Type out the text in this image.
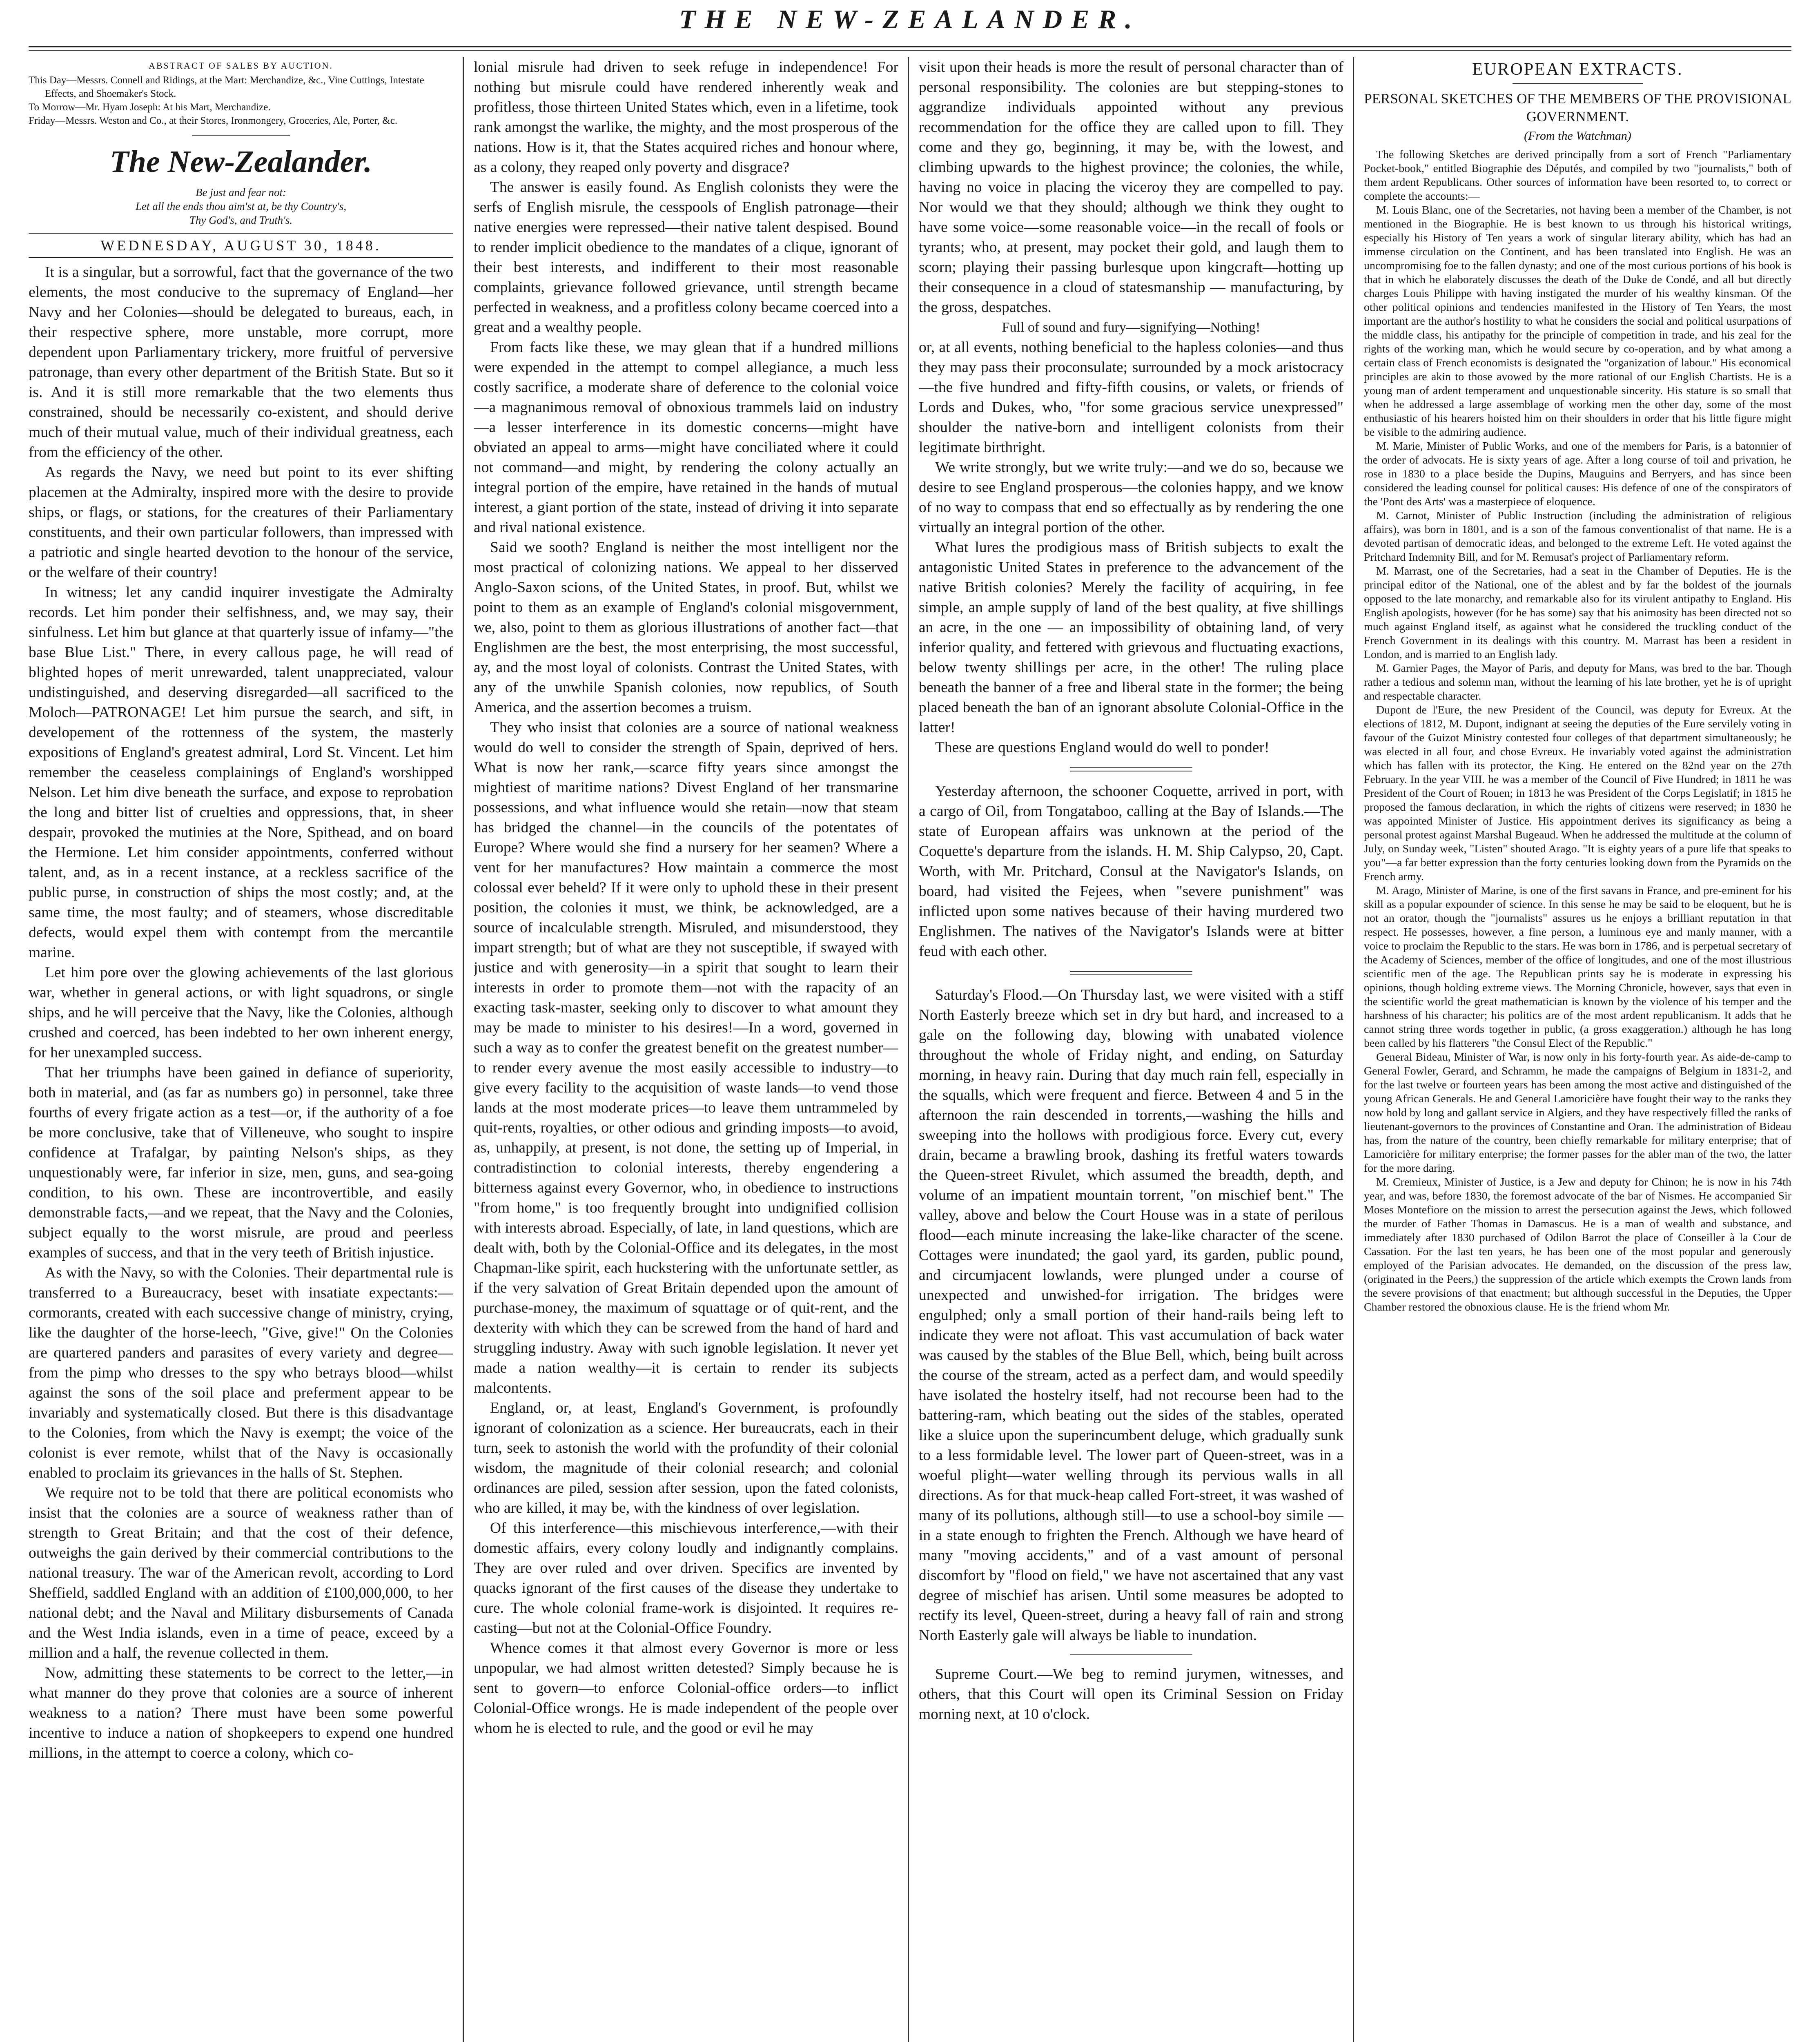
THE NEW-ZEALANDER.
ABSTRACT OF SALES BY AUCTION.

This Day—Messrs. Connell and Ridings, at the Mart: Merchandize, &c., Vine Cuttings, Intestate Effects, and Shoemaker's Stock.

To Morrow—Mr. Hyam Joseph: At his Mart, Merchandize.

Friday—Messrs. Weston and Co., at their Stores, Ironmongery, Groceries, Ale, Porter, &c.

The New-Zealander.

Be just and fear not:

Let all the ends thou aim'st at, be thy Country's,

Thy God's, and Truth's.

WEDNESDAY, AUGUST 30, 1848.

It is a singular, but a sorrowful, fact that the governance of the two elements, the most conducive to the supremacy of England—her Navy and her Colonies—should be delegated to bureaus, each, in their respective sphere, more unstable, more corrupt, more dependent upon Parliamentary trickery, more fruitful of perversive patronage, than every other department of the British State. But so it is. And it is still more remarkable that the two elements thus constrained, should be necessarily co-existent, and should derive much of their mutual value, much of their individual greatness, each from the efficiency of the other.

As regards the Navy, we need but point to its ever shifting placemen at the Admiralty, inspired more with the desire to provide ships, or flags, or stations, for the creatures of their Parliamentary constituents, and their own particular followers, than impressed with a patriotic and single hearted devotion to the honour of the service, or the welfare of their country!

In witness; let any candid inquirer investigate the Admiralty records. Let him ponder their selfishness, and, we may say, their sinfulness. Let him but glance at that quarterly issue of infamy—"the base Blue List." There, in every callous page, he will read of blighted hopes of merit unrewarded, talent unappreciated, valour undistinguished, and deserving disregarded—all sacrificed to the Moloch—PATRONAGE! Let him pursue the search, and sift, in developement of the rottenness of the system, the masterly expositions of England's greatest admiral, Lord St. Vincent. Let him remember the ceaseless complainings of England's worshipped Nelson. Let him dive beneath the surface, and expose to reprobation the long and bitter list of cruelties and oppressions, that, in sheer despair, provoked the mutinies at the Nore, Spithead, and on board the Hermione. Let him consider appointments, conferred without talent, and, as in a recent instance, at a reckless sacrifice of the public purse, in construction of ships the most costly; and, at the same time, the most faulty; and of steamers, whose discreditable defects, would expel them with contempt from the mercantile marine.

Let him pore over the glowing achievements of the last glorious war, whether in general actions, or with light squadrons, or single ships, and he will perceive that the Navy, like the Colonies, although crushed and coerced, has been indebted to her own inherent energy, for her unexampled success.

That her triumphs have been gained in defiance of superiority, both in material, and (as far as numbers go) in personnel, take three fourths of every frigate action as a test—or, if the authority of a foe be more conclusive, take that of Villeneuve, who sought to inspire confidence at Trafalgar, by painting Nelson's ships, as they unquestionably were, far inferior in size, men, guns, and sea-going condition, to his own. These are incontrovertible, and easily demonstrable facts,—and we repeat, that the Navy and the Colonies, subject equally to the worst misrule, are proud and peerless examples of success, and that in the very teeth of British injustice.

As with the Navy, so with the Colonies. Their departmental rule is transferred to a Bureaucracy, beset with insatiate expectants:—cormorants, created with each successive change of ministry, crying, like the daughter of the horse-leech, "Give, give!" On the Colonies are quartered panders and parasites of every variety and degree—from the pimp who dresses to the spy who betrays blood—whilst against the sons of the soil place and preferment appear to be invariably and systematically closed. But there is this disadvantage to the Colonies, from which the Navy is exempt; the voice of the colonist is ever remote, whilst that of the Navy is occasionally enabled to proclaim its grievances in the halls of St. Stephen.

We require not to be told that there are political economists who insist that the colonies are a source of weakness rather than of strength to Great Britain; and that the cost of their defence, outweighs the gain derived by their commercial contributions to the national treasury. The war of the American revolt, according to Lord Sheffield, saddled England with an addition of £100,000,000, to her national debt; and the Naval and Military disbursements of Canada and the West India islands, even in a time of peace, exceed by a million and a half, the revenue collected in them.

Now, admitting these statements to be correct to the letter,—in what manner do they prove that colonies are a source of inherent weakness to a nation? There must have been some powerful incentive to induce a nation of shopkeepers to expend one hundred millions, in the attempt to coerce a colony, which co-

lonial misrule had driven to seek refuge in independence! For nothing but misrule could have rendered inherently weak and profitless, those thirteen United States which, even in a lifetime, took rank amongst the warlike, the mighty, and the most prosperous of the nations. How is it, that the States acquired riches and honour where, as a colony, they reaped only poverty and disgrace?

The answer is easily found. As English colonists they were the serfs of English misrule, the cesspools of English patronage—their native energies were repressed—their native talent despised. Bound to render implicit obedience to the mandates of a clique, ignorant of their best interests, and indifferent to their most reasonable complaints, grievance followed grievance, until strength became perfected in weakness, and a profitless colony became coerced into a great and a wealthy people.

From facts like these, we may glean that if a hundred millions were expended in the attempt to compel allegiance, a much less costly sacrifice, a moderate share of deference to the colonial voice—a magnanimous removal of obnoxious trammels laid on industry—a lesser interference in its domestic concerns—might have obviated an appeal to arms—might have conciliated where it could not command—and might, by rendering the colony actually an integral portion of the empire, have retained in the hands of mutual interest, a giant portion of the state, instead of driving it into separate and rival national existence.

Said we sooth? England is neither the most intelligent nor the most practical of colonizing nations. We appeal to her disserved Anglo-Saxon scions, of the United States, in proof. But, whilst we point to them as an example of England's colonial misgovernment, we, also, point to them as glorious illustrations of another fact—that Englishmen are the best, the most enterprising, the most successful, ay, and the most loyal of colonists. Contrast the United States, with any of the unwhile Spanish colonies, now republics, of South America, and the assertion becomes a truism.

They who insist that colonies are a source of national weakness would do well to consider the strength of Spain, deprived of hers. What is now her rank,—scarce fifty years since amongst the mightiest of maritime nations? Divest England of her transmarine possessions, and what influence would she retain—now that steam has bridged the channel—in the councils of the potentates of Europe? Where would she find a nursery for her seamen? Where a vent for her manufactures? How maintain a commerce the most colossal ever beheld? If it were only to uphold these in their present position, the colonies it must, we think, be acknowledged, are a source of incalculable strength. Misruled, and misunderstood, they impart strength; but of what are they not susceptible, if swayed with justice and with generosity—in a spirit that sought to learn their interests in order to promote them—not with the rapacity of an exacting task-master, seeking only to discover to what amount they may be made to minister to his desires!—In a word, governed in such a way as to confer the greatest benefit on the greatest number—to render every avenue the most easily accessible to industry—to give every facility to the acquisition of waste lands—to vend those lands at the most moderate prices—to leave them untrammeled by quit-rents, royalties, or other odious and grinding imposts—to avoid, as, unhappily, at present, is not done, the setting up of Imperial, in contradistinction to colonial interests, thereby engendering a bitterness against every Governor, who, in obedience to instructions "from home," is too frequently brought into undignified collision with interests abroad. Especially, of late, in land questions, which are dealt with, both by the Colonial-Office and its delegates, in the most Chapman-like spirit, each huckstering with the unfortunate settler, as if the very salvation of Great Britain depended upon the amount of purchase-money, the maximum of squattage or of quit-rent, and the dexterity with which they can be screwed from the hand of hard and struggling industry. Away with such ignoble legislation. It never yet made a nation wealthy—it is certain to render its subjects malcontents.

England, or, at least, England's Government, is profoundly ignorant of colonization as a science. Her bureaucrats, each in their turn, seek to astonish the world with the profundity of their colonial wisdom, the magnitude of their colonial research; and colonial ordinances are piled, session after session, upon the fated colonists, who are killed, it may be, with the kindness of over legislation.

Of this interference—this mischievous interference,—with their domestic affairs, every colony loudly and indignantly complains. They are over ruled and over driven. Specifics are invented by quacks ignorant of the first causes of the disease they undertake to cure. The whole colonial frame-work is disjointed. It requires re-casting—but not at the Colonial-Office Foundry.

Whence comes it that almost every Governor is more or less unpopular, we had almost written detested? Simply because he is sent to govern—to enforce Colonial-office orders—to inflict Colonial-Office wrongs. He is made independent of the people over whom he is elected to rule, and the good or evil he may

visit upon their heads is more the result of personal character than of personal responsibility. The colonies are but stepping-stones to aggrandize individuals appointed without any previous recommendation for the office they are called upon to fill. They come and they go, beginning, it may be, with the lowest, and climbing upwards to the highest province; the colonies, the while, having no voice in placing the viceroy they are compelled to pay. Nor would we that they should; although we think they ought to have some voice—some reasonable voice—in the recall of fools or tyrants; who, at present, may pocket their gold, and laugh them to scorn; playing their passing burlesque upon kingcraft—hotting up their consequence in a cloud of statesmanship — manufacturing, by the gross, despatches.

Full of sound and fury—signifying—Nothing!

or, at all events, nothing beneficial to the hapless colonies—and thus they may pass their proconsulate; surrounded by a mock aristocracy—the five hundred and fifty-fifth cousins, or valets, or friends of Lords and Dukes, who, "for some gracious service unexpressed" shoulder the native-born and intelligent colonists from their legitimate birthright.

We write strongly, but we write truly:—and we do so, because we desire to see England prosperous—the colonies happy, and we know of no way to compass that end so effectually as by rendering the one virtually an integral portion of the other.

What lures the prodigious mass of British subjects to exalt the antagonistic United States in preference to the advancement of the native British colonies? Merely the facility of acquiring, in fee simple, an ample supply of land of the best quality, at five shillings an acre, in the one — an impossibility of obtaining land, of very inferior quality, and fettered with grievous and fluctuating exactions, below twenty shillings per acre, in the other! The ruling place beneath the banner of a free and liberal state in the former; the being placed beneath the ban of an ignorant absolute Colonial-Office in the latter!

These are questions England would do well to ponder!

Yesterday afternoon, the schooner Coquette, arrived in port, with a cargo of Oil, from Tongataboo, calling at the Bay of Islands.—The state of European affairs was unknown at the period of the Coquette's departure from the islands. H. M. Ship Calypso, 20, Capt. Worth, with Mr. Pritchard, Consul at the Navigator's Islands, on board, had visited the Fejees, when "severe punishment" was inflicted upon some natives because of their having murdered two Englishmen. The natives of the Navigator's Islands were at bitter feud with each other.

Saturday's Flood.—On Thursday last, we were visited with a stiff North Easterly breeze which set in dry but hard, and increased to a gale on the following day, blowing with unabated violence throughout the whole of Friday night, and ending, on Saturday morning, in heavy rain. During that day much rain fell, especially in the squalls, which were frequent and fierce. Between 4 and 5 in the afternoon the rain descended in torrents,—washing the hills and sweeping into the hollows with prodigious force. Every cut, every drain, became a brawling brook, dashing its fretful waters towards the Queen-street Rivulet, which assumed the breadth, depth, and volume of an impatient mountain torrent, "on mischief bent." The valley, above and below the Court House was in a state of perilous flood—each minute increasing the lake-like character of the scene. Cottages were inundated; the gaol yard, its garden, public pound, and circumjacent lowlands, were plunged under a course of unexpected and unwished-for irrigation. The bridges were engulphed; only a small portion of their hand-rails being left to indicate they were not afloat. This vast accumulation of back water was caused by the stables of the Blue Bell, which, being built across the course of the stream, acted as a perfect dam, and would speedily have isolated the hostelry itself, had not recourse been had to the battering-ram, which beating out the sides of the stables, operated like a sluice upon the superincumbent deluge, which gradually sunk to a less formidable level. The lower part of Queen-street, was in a woeful plight—water welling through its pervious walls in all directions. As for that muck-heap called Fort-street, it was washed of many of its pollutions, although still—to use a school-boy simile — in a state enough to frighten the French. Although we have heard of many "moving accidents," and of a vast amount of personal discomfort by "flood on field," we have not ascertained that any vast degree of mischief has arisen. Until some measures be adopted to rectify its level, Queen-street, during a heavy fall of rain and strong North Easterly gale will always be liable to inundation.

Supreme Court.—We beg to remind jurymen, witnesses, and others, that this Court will open its Criminal Session on Friday morning next, at 10 o'clock.

EUROPEAN EXTRACTS.
PERSONAL SKETCHES OF THE MEMBERS OF THE PROVISIONAL GOVERNMENT.
(From the Watchman)

The following Sketches are derived principally from a sort of French "Parliamentary Pocket-book," entitled Biographie des Députés, and compiled by two "journalists," both of them ardent Republicans. Other sources of information have been resorted to, to correct or complete the accounts:—

M. Louis Blanc, one of the Secretaries, not having been a member of the Chamber, is not mentioned in the Biographie. He is best known to us through his historical writings, especially his History of Ten years a work of singular literary ability, which has had an immense circulation on the Continent, and has been translated into English. He was an uncompromising foe to the fallen dynasty; and one of the most curious portions of his book is that in which he elaborately discusses the death of the Duke de Condé, and all but directly charges Louis Philippe with having instigated the murder of his wealthy kinsman. Of the other political opinions and tendencies manifested in the History of Ten Years, the most important are the author's hostility to what he considers the social and political usurpations of the middle class, his antipathy for the principle of competition in trade, and his zeal for the rights of the working man, which he would secure by co-operation, and by what among a certain class of French economists is designated the "organization of labour." His economical principles are akin to those avowed by the more rational of our English Chartists. He is a young man of ardent temperament and unquestionable sincerity. His stature is so small that when he addressed a large assemblage of working men the other day, some of the most enthusiastic of his hearers hoisted him on their shoulders in order that his little figure might be visible to the admiring audience.

M. Marie, Minister of Public Works, and one of the members for Paris, is a batonnier of the order of advocats. He is sixty years of age. After a long course of toil and privation, he rose in 1830 to a place beside the Dupins, Mauguins and Berryers, and has since been considered the leading counsel for political causes: His defence of one of the conspirators of the 'Pont des Arts' was a masterpiece of eloquence.

M. Carnot, Minister of Public Instruction (including the administration of religious affairs), was born in 1801, and is a son of the famous conventionalist of that name. He is a devoted partisan of democratic ideas, and belonged to the extreme Left. He voted against the Pritchard Indemnity Bill, and for M. Remusat's project of Parliamentary reform.

M. Marrast, one of the Secretaries, had a seat in the Chamber of Deputies. He is the principal editor of the National, one of the ablest and by far the boldest of the journals opposed to the late monarchy, and remarkable also for its virulent antipathy to England. His English apologists, however (for he has some) say that his animosity has been directed not so much against England itself, as against what he considered the truckling conduct of the French Government in its dealings with this country. M. Marrast has been a resident in London, and is married to an English lady.

M. Garnier Pages, the Mayor of Paris, and deputy for Mans, was bred to the bar. Though rather a tedious and solemn man, without the learning of his late brother, yet he is of upright and respectable character.

Dupont de l'Eure, the new President of the Council, was deputy for Evreux. At the elections of 1812, M. Dupont, indignant at seeing the deputies of the Eure servilely voting in favour of the Guizot Ministry contested four colleges of that department simultaneously; he was elected in all four, and chose Evreux. He invariably voted against the administration which has fallen with its protector, the King. He entered on the 82nd year on the 27th February. In the year VIII. he was a member of the Council of Five Hundred; in 1811 he was President of the Court of Rouen; in 1813 he was President of the Corps Legislatif; in 1815 he proposed the famous declaration, in which the rights of citizens were reserved; in 1830 he was appointed Minister of Justice. His appointment derives its significancy as being a personal protest against Marshal Bugeaud. When he addressed the multitude at the column of July, on Sunday week, "Listen" shouted Arago. "It is eighty years of a pure life that speaks to you"—a far better expression than the forty centuries looking down from the Pyramids on the French army.

M. Arago, Minister of Marine, is one of the first savans in France, and pre-eminent for his skill as a popular expounder of science. In this sense he may be said to be eloquent, but he is not an orator, though the "journalists" assures us he enjoys a brilliant reputation in that respect. He possesses, however, a fine person, a luminous eye and manly manner, with a voice to proclaim the Republic to the stars. He was born in 1786, and is perpetual secretary of the Academy of Sciences, member of the office of longitudes, and one of the most illustrious scientific men of the age. The Republican prints say he is moderate in expressing his opinions, though holding extreme views. The Morning Chronicle, however, says that even in the scientific world the great mathematician is known by the violence of his temper and the harshness of his character; his politics are of the most ardent republicanism. It adds that he cannot string three words together in public, (a gross exaggeration.) although he has long been called by his flatterers "the Consul Elect of the Republic."

General Bideau, Minister of War, is now only in his forty-fourth year. As aide-de-camp to General Fowler, Gerard, and Schramm, he made the campaigns of Belgium in 1831-2, and for the last twelve or fourteen years has been among the most active and distinguished of the young African Generals. He and General Lamoricière have fought their way to the ranks they now hold by long and gallant service in Algiers, and they have respectively filled the ranks of lieutenant-governors to the provinces of Constantine and Oran. The administration of Bideau has, from the nature of the country, been chiefly remarkable for military enterprise; that of Lamoricière for military enterprise; the former passes for the abler man of the two, the latter for the more daring.

M. Cremieux, Minister of Justice, is a Jew and deputy for Chinon; he is now in his 74th year, and was, before 1830, the foremost advocate of the bar of Nismes. He accompanied Sir Moses Montefiore on the mission to arrest the persecution against the Jews, which followed the murder of Father Thomas in Damascus. He is a man of wealth and substance, and immediately after 1830 purchased of Odilon Barrot the place of Conseiller à la Cour de Cassation. For the last ten years, he has been one of the most popular and generously employed of the Parisian advocates. He demanded, on the discussion of the press law, (originated in the Peers,) the suppression of the article which exempts the Crown lands from the severe provisions of that enactment; but although successful in the Deputies, the Upper Chamber restored the obnoxious clause. He is the friend whom Mr.
